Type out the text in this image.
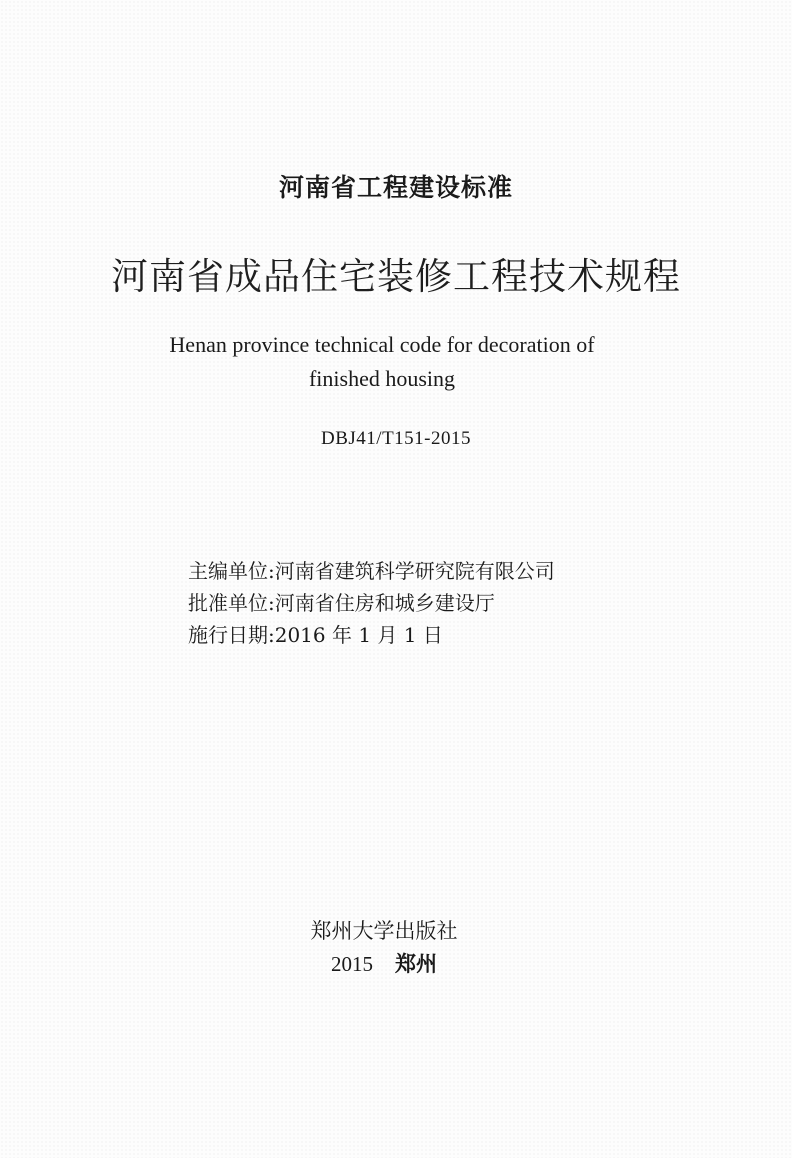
河南省工程建设标准
河南省成品住宅装修工程技术规程
Henan province technical code for decoration of
finished housing
DBJ41/T151-2015
主编单位:河南省建筑科学研究院有限公司
批准单位:河南省住房和城乡建设厅
施行日期:2016 年 1 月 1 日
郑州大学出版社
2015 郑州
